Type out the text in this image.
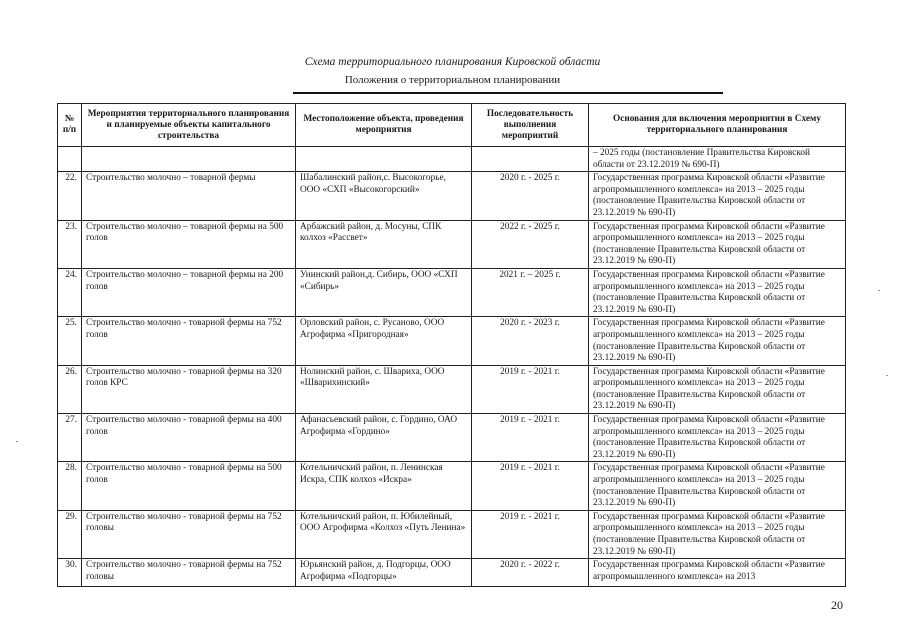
Схема территориального планирования Кировской области
Положения о территориальном планировании
№ п/п	Мероприятия территориального планирования и планируемые объекты капитального строительства	Местоположение объекта, проведения мероприятия	Последовательность выполнения мероприятий	Основания для включения мероприятия в Схему территориального планирования
				– 2025 годы (постановление Правительства Кировской области от 23.12.2019 № 690-П)
22.	Строительство молочно – товарной фермы	Шабалинский район,с. Высокогорье, ООО «СХП «Высокогорский»	2020 г. - 2025 г.	Государственная программа Кировской области «Развитие агропромышленного комплекса» на 2013 – 2025 годы (постановление Правительства Кировской области от 23.12.2019 № 690-П)
23.	Строительство молочно – товарной фермы на 500 голов	Арбажский район, д. Мосуны, СПК колхоз «Рассвет»	2022 г. - 2025 г.	Государственная программа Кировской области «Развитие агропромышленного комплекса» на 2013 – 2025 годы (постановление Правительства Кировской области от 23.12.2019 № 690-П)
24.	Строительство молочно – товарной фермы на 200 голов	Унинский район,д. Сибирь, ООО «СХП «Сибирь»	2021 г. – 2025 г.	Государственная программа Кировской области «Развитие агропромышленного комплекса» на 2013 – 2025 годы (постановление Правительства Кировской области от 23.12.2019 № 690-П)
25.	Строительство молочно - товарной фермы на 752 голов	Орловский район, с. Русаново, ООО Агрофирма «Пригородная»	2020 г. - 2023 г.	Государственная программа Кировской области «Развитие агропромышленного комплекса» на 2013 – 2025 годы (постановление Правительства Кировской области от 23.12.2019 № 690-П)
26.	Строительство молочно - товарной фермы на 320 голов КРС	Нолинский район, с. Шварихa, ООО «Шварихинский»	2019 г. - 2021 г.	Государственная программа Кировской области «Развитие агропромышленного комплекса» на 2013 – 2025 годы (постановление Правительства Кировской области от 23.12.2019 № 690-П)
27.	Строительство молочно - товарной фермы на 400 голов	Афанасьевский район, с. Гордино, ОАО Агрофирма «Гордино»	2019 г. - 2021 г.	Государственная программа Кировской области «Развитие агропромышленного комплекса» на 2013 – 2025 годы (постановление Правительства Кировской области от 23.12.2019 № 690-П)
28.	Строительство молочно - товарной фермы на 500 голов	Котельничский район, п. Ленинская Искра, СПК колхоз «Искра»	2019 г. - 2021 г.	Государственная программа Кировской области «Развитие агропромышленного комплекса» на 2013 – 2025 годы (постановление Правительства Кировской области от 23.12.2019 № 690-П)
29.	Строительство молочно - товарной фермы на 752 головы	Котельничский район, п. Юбилейный, ООО Агрофирма «Колхоз «Путь Ленина»	2019 г. - 2021 г.	Государственная программа Кировской области «Развитие агропромышленного комплекса» на 2013 – 2025 годы (постановление Правительства Кировской области от 23.12.2019 № 690-П)
30.	Строительство молочно - товарной фермы на 752 головы	Юрьянский район, д. Подгорцы, ООО Агрофирма «Подгорцы»	2020 г. - 2022 г.	Государственная программа Кировской области «Развитие агропромышленного комплекса» на 2013
20
